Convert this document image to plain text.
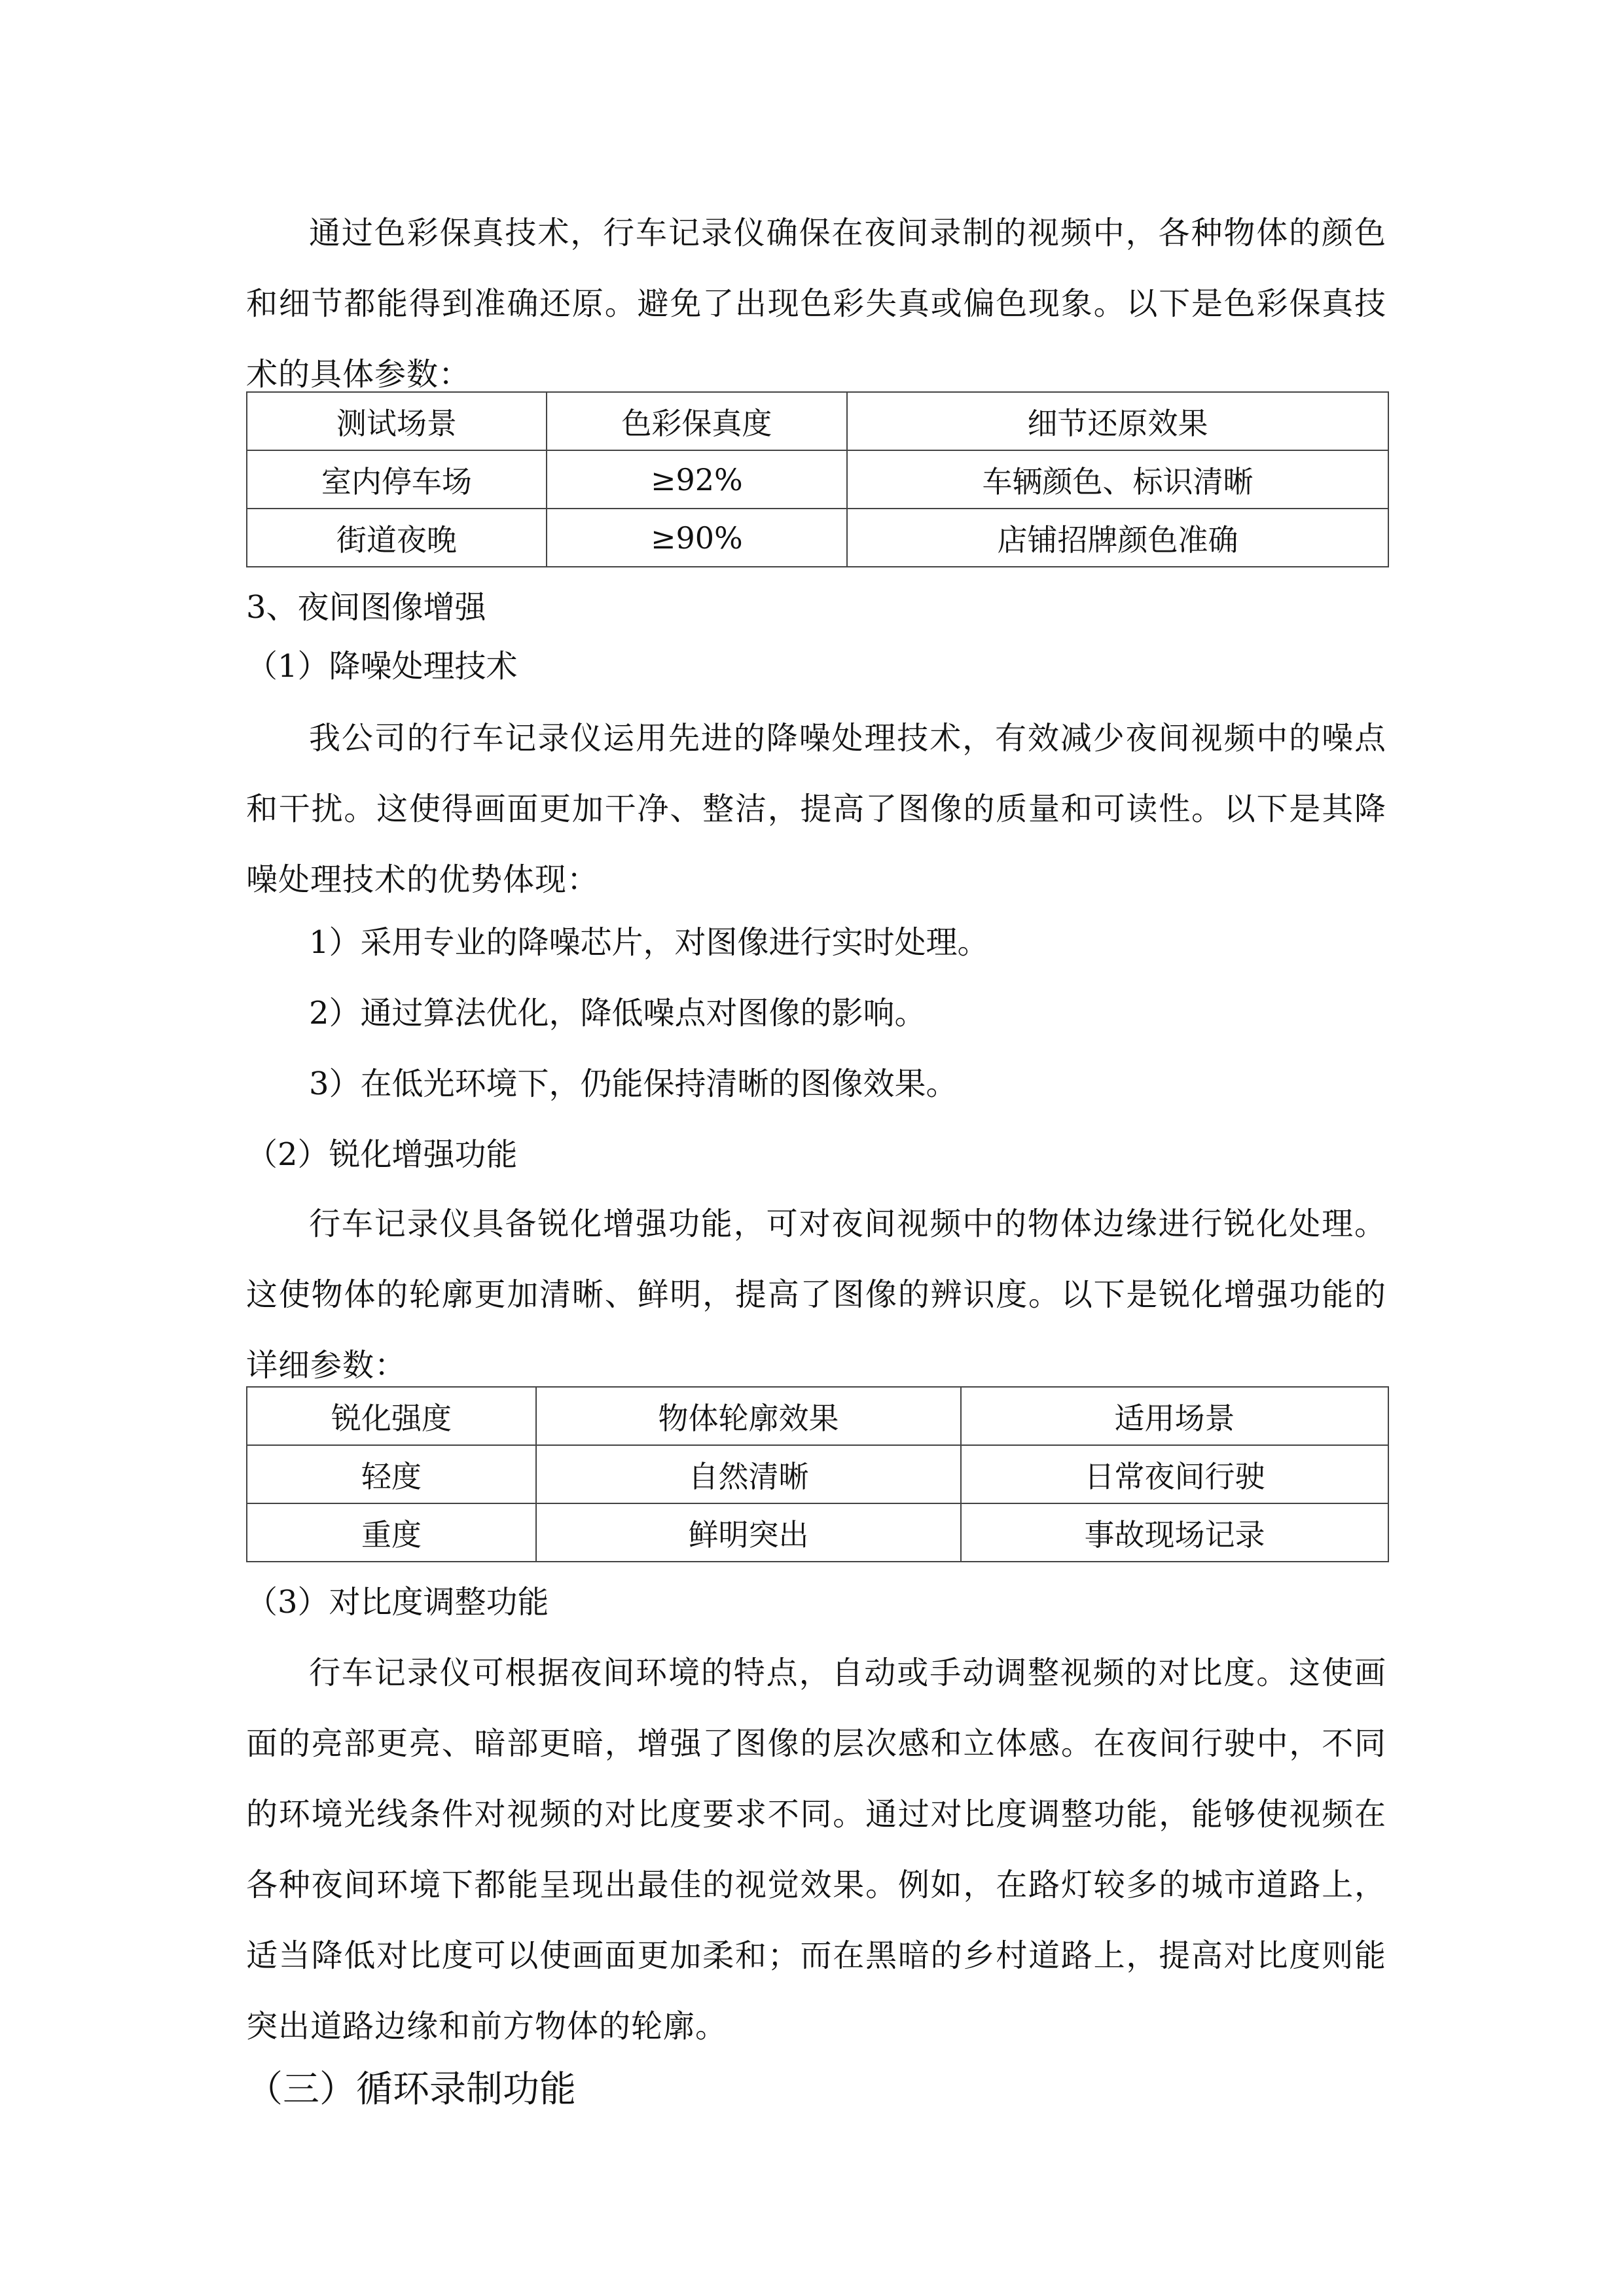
通过色彩保真技术，行车记录仪确保在夜间录制的视频中，各种物体的颜色和细节都能得到准确还原。避免了出现色彩失真或偏色现象。以下是色彩保真技术的具体参数：
测试场景	色彩保真度	细节还原效果
室内停车场	≥92%	车辆颜色、标识清晰
街道夜晚	≥90%	店铺招牌颜色准确
3、夜间图像增强
（1）降噪处理技术
我公司的行车记录仪运用先进的降噪处理技术，有效减少夜间视频中的噪点和干扰。这使得画面更加干净、整洁，提高了图像的质量和可读性。以下是其降噪处理技术的优势体现：
1）采用专业的降噪芯片，对图像进行实时处理。
2）通过算法优化，降低噪点对图像的影响。
3）在低光环境下，仍能保持清晰的图像效果。
（2）锐化增强功能
行车记录仪具备锐化增强功能，可对夜间视频中的物体边缘进行锐化处理。这使物体的轮廓更加清晰、鲜明，提高了图像的辨识度。以下是锐化增强功能的详细参数：
锐化强度	物体轮廓效果	适用场景
轻度	自然清晰	日常夜间行驶
重度	鲜明突出	事故现场记录
（3）对比度调整功能
行车记录仪可根据夜间环境的特点，自动或手动调整视频的对比度。这使画面的亮部更亮、暗部更暗，增强了图像的层次感和立体感。在夜间行驶中，不同的环境光线条件对视频的对比度要求不同。通过对比度调整功能，能够使视频在各种夜间环境下都能呈现出最佳的视觉效果。例如，在路灯较多的城市道路上，适当降低对比度可以使画面更加柔和；而在黑暗的乡村道路上，提高对比度则能突出道路边缘和前方物体的轮廓。
（三）循环录制功能
